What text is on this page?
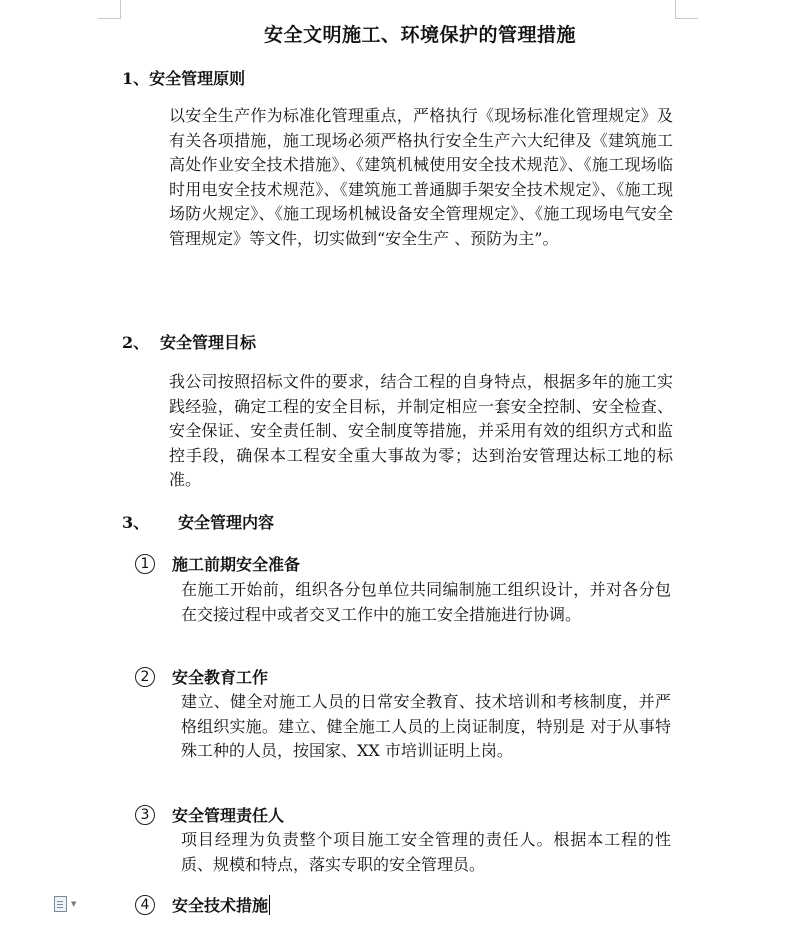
安全文明施工、环境保护的管理措施
1、安全管理原则
以安全生产作为标准化管理重点，严格执行《现场标准化管理规定》及有关各项措施，施工现场必须严格执行安全生产六大纪律及《建筑施工高处作业安全技术措施》、《建筑机械使用安全技术规范》、《施工现场临时用电安全技术规范》、《建筑施工普通脚手架安全技术规定》、《施工现场防火规定》、《施工现场机械设备安全管理规定》、《施工现场电气安全管理规定》等文件，切实做到“安全生产 、预防为主”。
2、 安全管理目标
我公司按照招标文件的要求，结合工程的自身特点，根据多年的施工实践经验，确定工程的安全目标，并制定相应一套安全控制、安全检查、安全保证、安全责任制、安全制度等措施，并采用有效的组织方式和监控手段，确保本工程安全重大事故为零；达到治安管理达标工地的标准。
3、 安全管理内容
1	施工前期安全准备
在施工开始前，组织各分包单位共同编制施工组织设计，并对各分包在交接过程中或者交叉工作中的施工安全措施进行协调。
2	安全教育工作
建立、健全对施工人员的日常安全教育、技术培训和考核制度，并严格组织实施。建立、健全施工人员的上岗证制度，特别是 对于从事特殊工种的人员，按国家、XX 市培训证明上岗。
3	安全管理责任人
项目经理为负责整个项目施工安全管理的责任人。根据本工程的性质、规模和特点，落实专职的安全管理员。
4	安全技术措施
▼
